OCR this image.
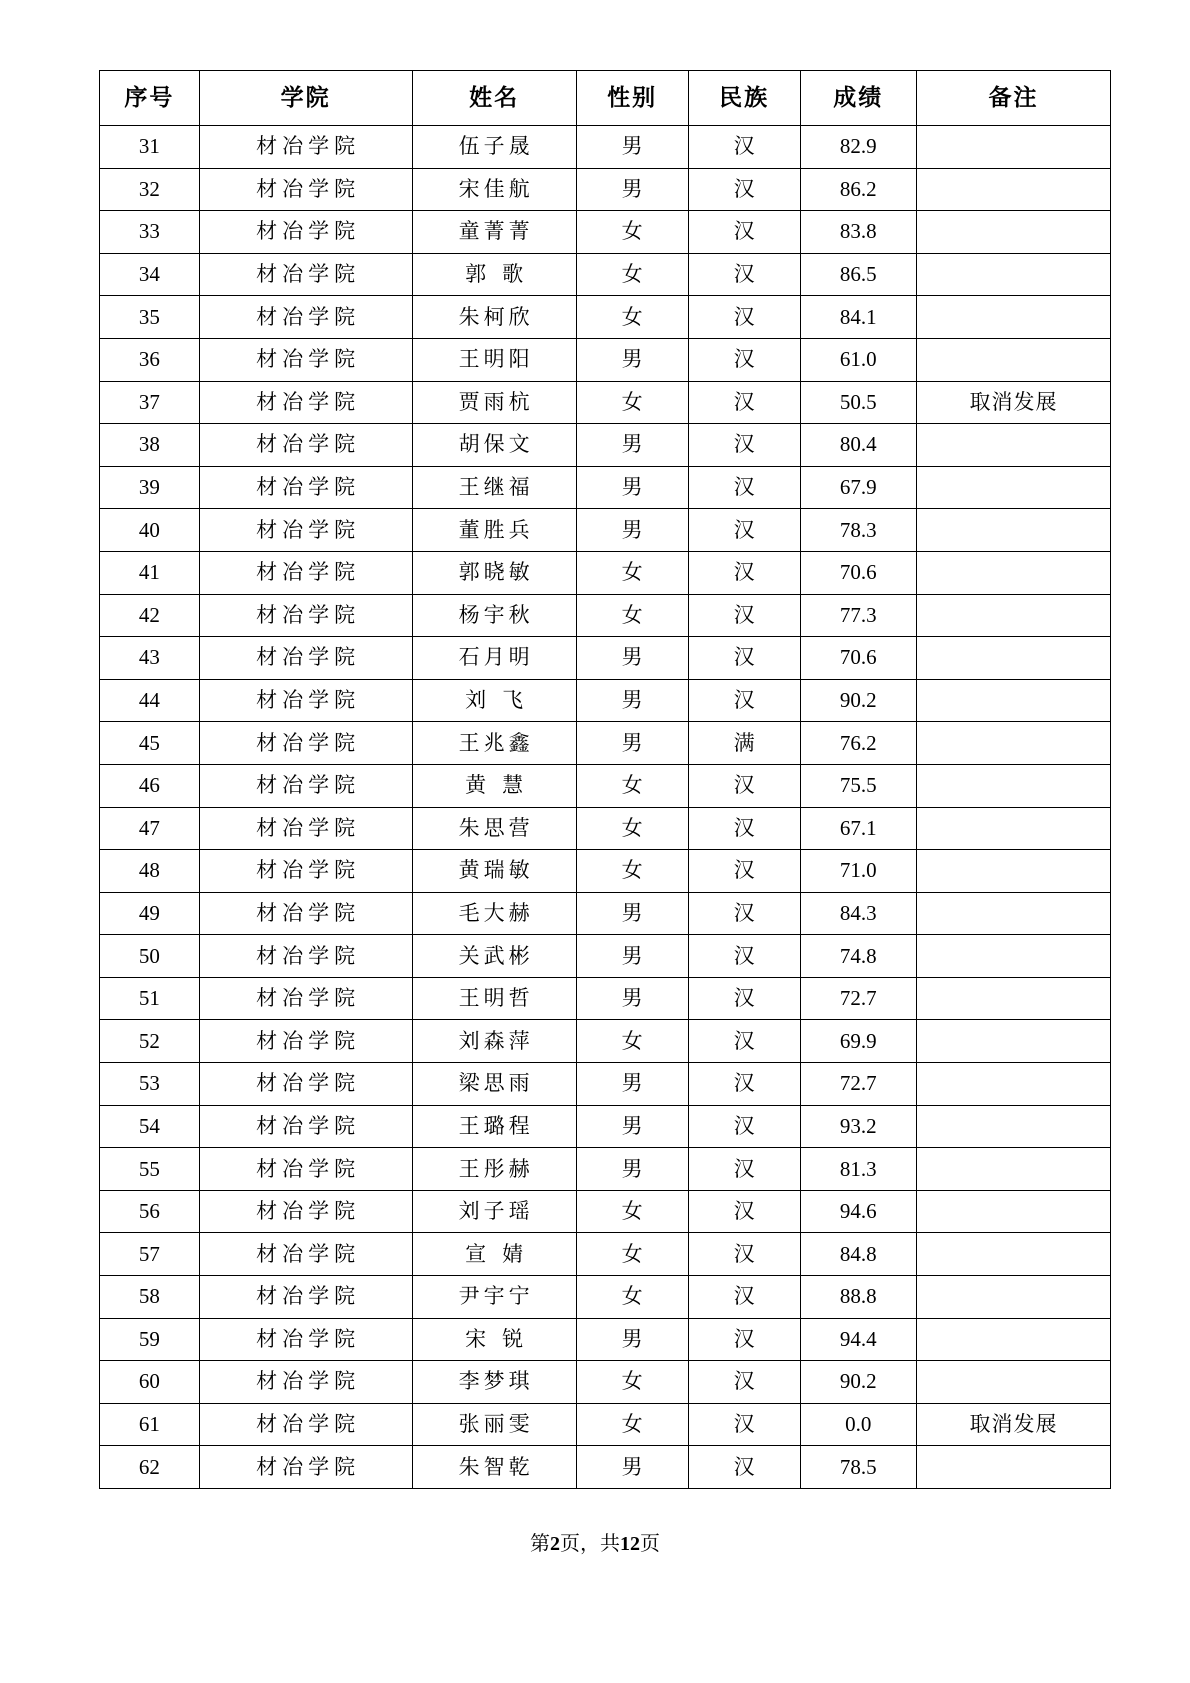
序号	学院	姓名	性别	民族	成绩	备注
31	材冶学院	伍子晟	男	汉	82.9	
32	材冶学院	宋佳航	男	汉	86.2	
33	材冶学院	童菁菁	女	汉	83.8	
34	材冶学院	郭歌	女	汉	86.5	
35	材冶学院	朱柯欣	女	汉	84.1	
36	材冶学院	王明阳	男	汉	61.0	
37	材冶学院	贾雨杭	女	汉	50.5	取消发展
38	材冶学院	胡保文	男	汉	80.4	
39	材冶学院	王继福	男	汉	67.9	
40	材冶学院	董胜兵	男	汉	78.3	
41	材冶学院	郭晓敏	女	汉	70.6	
42	材冶学院	杨宇秋	女	汉	77.3	
43	材冶学院	石月明	男	汉	70.6	
44	材冶学院	刘飞	男	汉	90.2	
45	材冶学院	王兆鑫	男	满	76.2	
46	材冶学院	黄慧	女	汉	75.5	
47	材冶学院	朱思营	女	汉	67.1	
48	材冶学院	黄瑞敏	女	汉	71.0	
49	材冶学院	毛大赫	男	汉	84.3	
50	材冶学院	关武彬	男	汉	74.8	
51	材冶学院	王明哲	男	汉	72.7	
52	材冶学院	刘森萍	女	汉	69.9	
53	材冶学院	梁思雨	男	汉	72.7	
54	材冶学院	王璐程	男	汉	93.2	
55	材冶学院	王彤赫	男	汉	81.3	
56	材冶学院	刘子瑶	女	汉	94.6	
57	材冶学院	宣婧	女	汉	84.8	
58	材冶学院	尹宇宁	女	汉	88.8	
59	材冶学院	宋锐	男	汉	94.4	
60	材冶学院	李梦琪	女	汉	90.2	
61	材冶学院	张丽雯	女	汉	0.0	取消发展
62	材冶学院	朱智乾	男	汉	78.5	
第2页，共12页
